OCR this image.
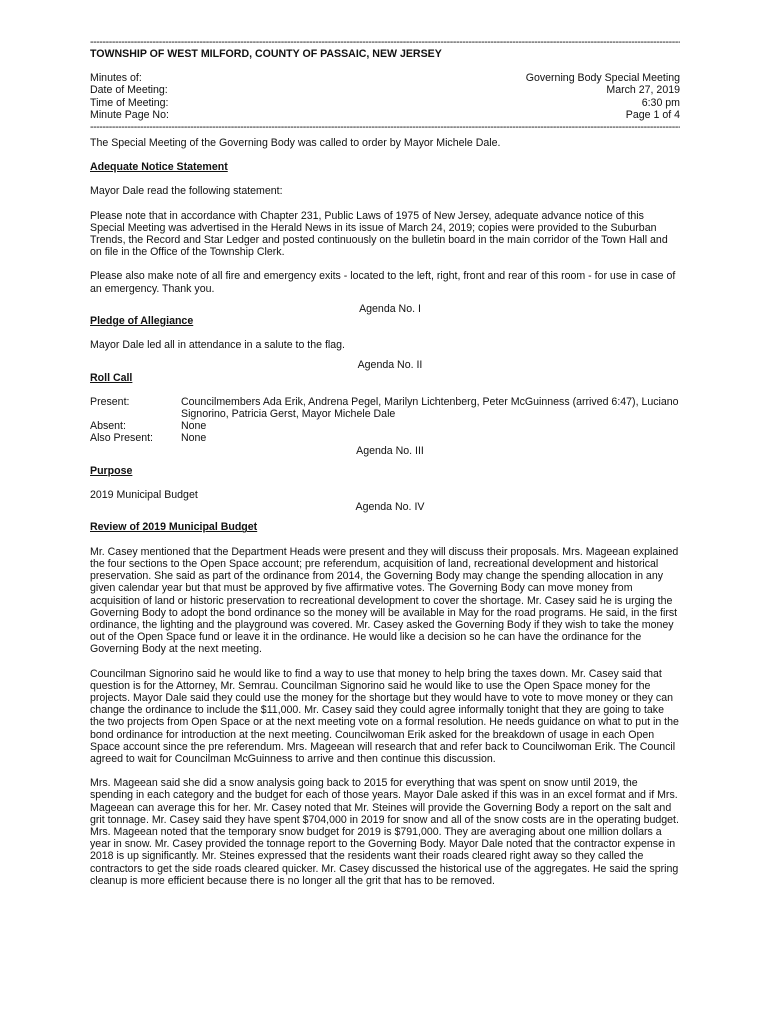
-----
TOWNSHIP OF WEST MILFORD, COUNTY OF PASSAIC, NEW JERSEY
Minutes of:	Governing Body Special Meeting
Date of Meeting:	March 27, 2019
Time of Meeting:	6:30 pm
Minute Page No:	Page 1 of 4
-----

The Special Meeting of the Governing Body was called to order by Mayor Michele Dale.

Adequate Notice Statement

Mayor Dale read the following statement:

Please note that in accordance with Chapter 231, Public Laws of 1975 of New Jersey, adequate advance notice of this Special Meeting was advertised in the Herald News in its issue of March 24, 2019; copies were provided to the Suburban Trends, the Record and Star Ledger and posted continuously on the bulletin board in the main corridor of the Town Hall and on file in the Office of the Township Clerk.

Please also make note of all fire and emergency exits - located to the left, right, front and rear of this room - for use in case of an emergency. Thank you.

Agenda No. I
Pledge of Allegiance

Mayor Dale led all in attendance in a salute to the flag.

Agenda No. II
Roll Call
Present:	Councilmembers Ada Erik, Andrena Pegel, Marilyn Lichtenberg, Peter McGuinness (arrived 6:47), Luciano Signorino, Patricia Gerst, Mayor Michele Dale
Absent:	None
Also Present:	None
Agenda No. III
Purpose

2019 Municipal Budget

Agenda No. IV
Review of 2019 Municipal Budget

Mr. Casey mentioned that the Department Heads were present and they will discuss their proposals. Mrs. Mageean explained the four sections to the Open Space account; pre referendum, acquisition of land, recreational development and historical preservation. She said as part of the ordinance from 2014, the Governing Body may change the spending allocation in any given calendar year but that must be approved by five affirmative votes. The Governing Body can move money from acquisition of land or historic preservation to recreational development to cover the shortage. Mr. Casey said he is urging the Governing Body to adopt the bond ordinance so the money will be available in May for the road programs. He said, in the first ordinance, the lighting and the playground was covered. Mr. Casey asked the Governing Body if they wish to take the money out of the Open Space fund or leave it in the ordinance. He would like a decision so he can have the ordinance for the Governing Body at the next meeting.

Councilman Signorino said he would like to find a way to use that money to help bring the taxes down. Mr. Casey said that question is for the Attorney, Mr. Semrau. Councilman Signorino said he would like to use the Open Space money for the projects. Mayor Dale said they could use the money for the shortage but they would have to vote to move money or they can change the ordinance to include the $11,000. Mr. Casey said they could agree informally tonight that they are going to take the two projects from Open Space or at the next meeting vote on a formal resolution. He needs guidance on what to put in the bond ordinance for introduction at the next meeting. Councilwoman Erik asked for the breakdown of usage in each Open Space account since the pre referendum. Mrs. Mageean will research that and refer back to Councilwoman Erik. The Council agreed to wait for Councilman McGuinness to arrive and then continue this discussion.

Mrs. Mageean said she did a snow analysis going back to 2015 for everything that was spent on snow until 2019, the spending in each category and the budget for each of those years. Mayor Dale asked if this was in an excel format and if Mrs. Mageean can average this for her. Mr. Casey noted that Mr. Steines will provide the Governing Body a report on the salt and grit tonnage. Mr. Casey said they have spent $704,000 in 2019 for snow and all of the snow costs are in the operating budget. Mrs. Mageean noted that the temporary snow budget for 2019 is $791,000. They are averaging about one million dollars a year in snow. Mr. Casey provided the tonnage report to the Governing Body. Mayor Dale noted that the contractor expense in 2018 is up significantly. Mr. Steines expressed that the residents want their roads cleared right away so they called the contractors to get the side roads cleared quicker. Mr. Casey discussed the historical use of the aggregates. He said the spring cleanup is more efficient because there is no longer all the grit that has to be removed.
